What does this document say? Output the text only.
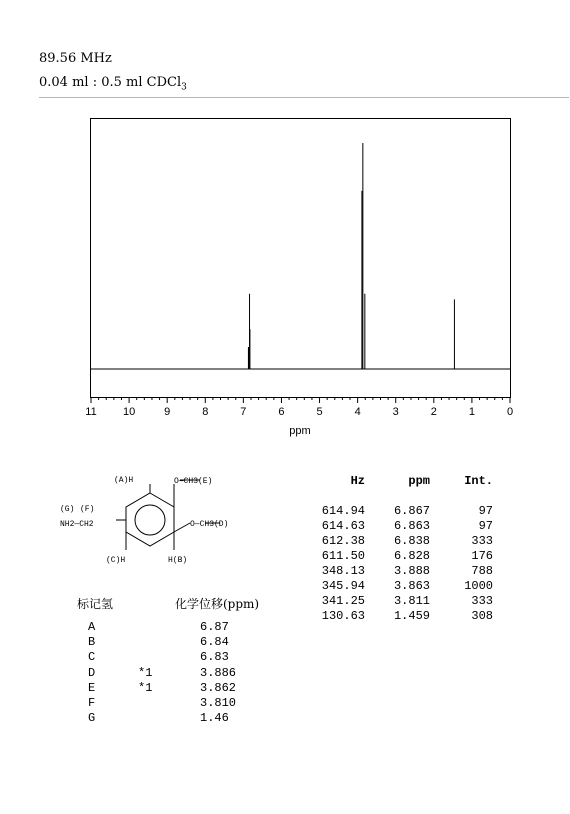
89.56 MHz
0.04 ml : 0.5 ml CDCl$_3$
11 10	9	8	7	6	5	4	3	2	1	0
ppm
(A)H	O—CH3(E)
(G) (F)
NH2—CH2	O—CH3(D)
(C)H	H(B)
标记氢	化学位移(ppm)
A	6.87
B	6.84
C	6.83
D	*1	3.886
E	*1	3.862
F	3.810
G	1.46
Hz	ppm	Int.
614.94 6.867	97
614.63 6.863	97
612.38 6.838	333
611.50 6.828	176
348.13 3.888	788
345.94 3.863	1000
341.25 3.811	333
130.63 1.459	308
